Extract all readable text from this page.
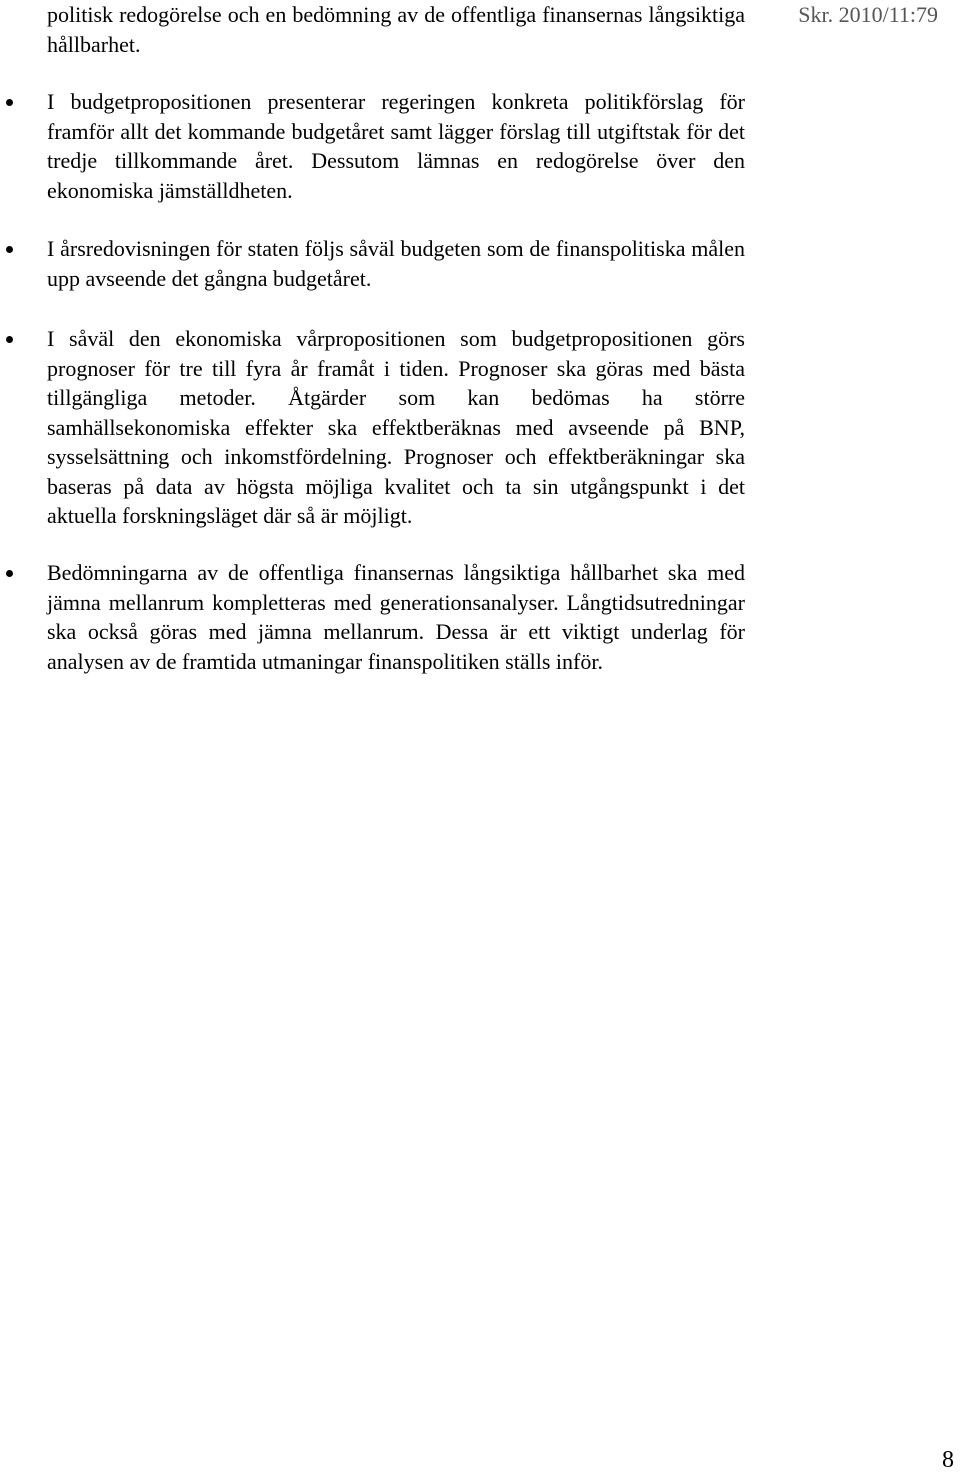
Skr. 2010/11:79

politisk redogörelse och en bedömning av de offentliga finansernas långsiktiga hållbarhet.

I budgetpropositionen presenterar regeringen konkreta politikförslag för framför allt det kommande budgetåret samt lägger förslag till utgiftstak för det tredje tillkommande året. Dessutom lämnas en redogörelse över den ekonomiska jämställdheten.
I årsredovisningen för staten följs såväl budgeten som de finanspolitiska målen upp avseende det gångna budgetåret.
I såväl den ekonomiska vårpropositionen som budgetpropositionen görs prognoser för tre till fyra år framåt i tiden. Prognoser ska göras med bästa tillgängliga metoder. Åtgärder som kan bedömas ha större samhällsekonomiska effekter ska effektberäknas med avseende på BNP, sysselsättning och inkomstfördelning. Prognoser och effektberäkningar ska baseras på data av högsta möjliga kvalitet och ta sin utgångspunkt i det aktuella forskningsläget där så är möjligt.
Bedömningarna av de offentliga finansernas långsiktiga hållbarhet ska med jämna mellanrum kompletteras med generationsanalyser. Långtidsutredningar ska också göras med jämna mellanrum. Dessa är ett viktigt underlag för analysen av de framtida utmaningar finanspolitiken ställs inför.
8
